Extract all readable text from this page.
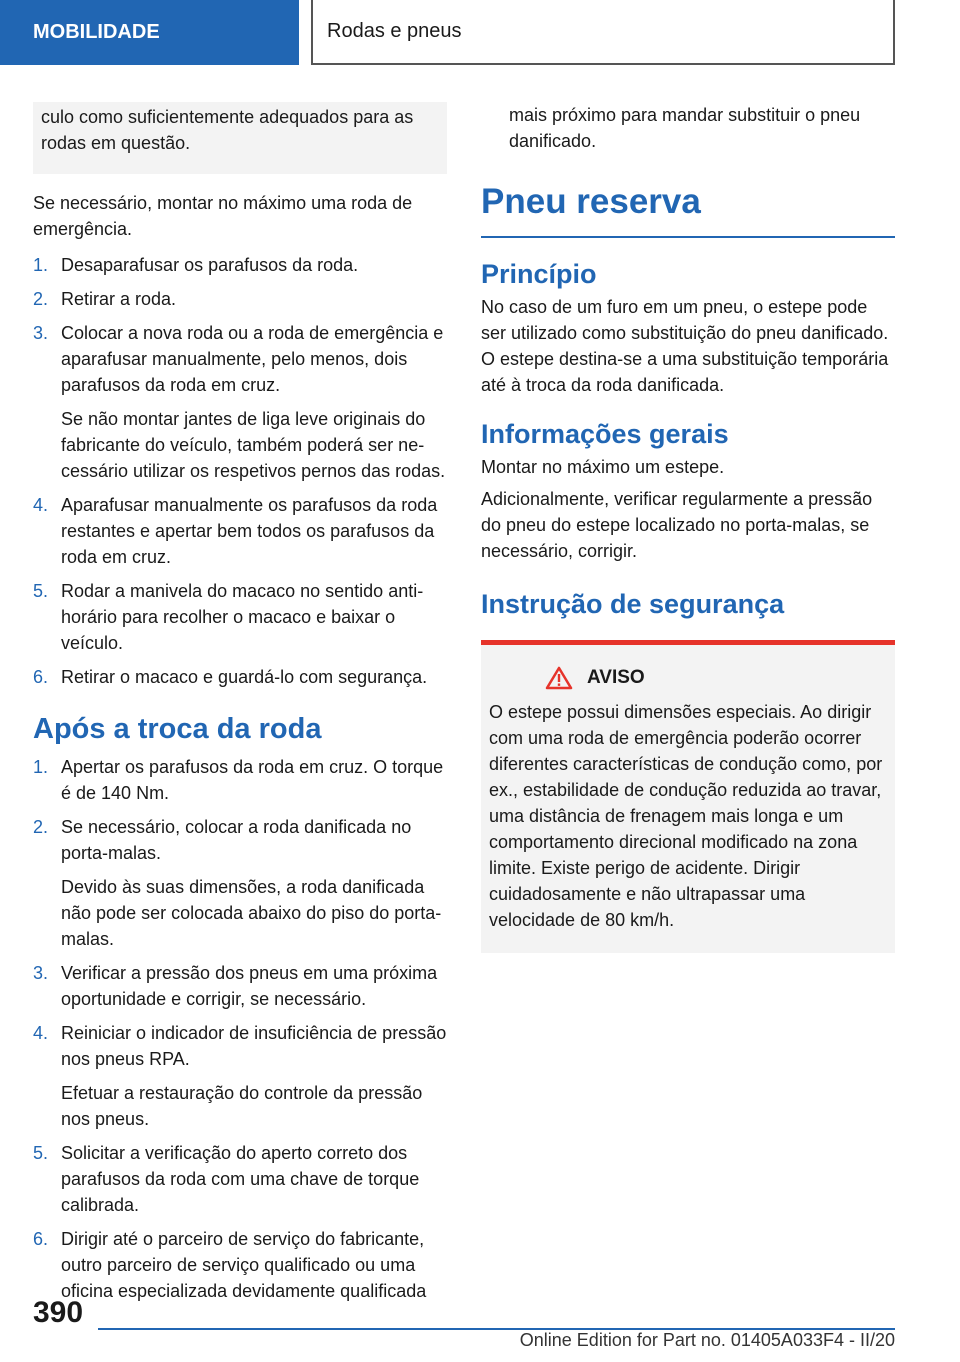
MOBILIDADE	Rodas e pneus

culo como suficientemente adequados para as rodas em questão.

Se necessário, montar no máximo uma roda de emergência.

1. Desaparafusar os parafusos da roda.
2. Retirar a roda.
3. Colocar a nova roda ou a roda de emergência e aparafusar manualmente, pelo menos, dois parafusos da roda em cruz.
Se não montar jantes de liga leve originais do fabricante do veículo, também poderá ser necessário utilizar os respetivos pernos das rodas.
4. Aparafusar manualmente os parafusos da roda restantes e apertar bem todos os parafusos da roda em cruz.
5. Rodar a manivela do macaco no sentido anti-horário para recolher o macaco e baixar o veículo.
6. Retirar o macaco e guardá-lo com segurança.
Após a troca da roda
1. Apertar os parafusos da roda em cruz. O torque é de 140 Nm.
2. Se necessário, colocar a roda danificada no porta-malas.
Devido às suas dimensões, a roda danificada não pode ser colocada abaixo do piso do porta-malas.
3. Verificar a pressão dos pneus em uma próxima oportunidade e corrigir, se necessário.
4. Reiniciar o indicador de insuficiência de pressão nos pneus RPA.
Efetuar a restauração do controle da pressão nos pneus.
5. Solicitar a verificação do aperto correto dos parafusos da roda com uma chave de torque calibrada.
6. Dirigir até o parceiro de serviço do fabricante, outro parceiro de serviço qualificado ou uma oficina especializada devidamente qualificada

mais próximo para mandar substituir o pneu danificado.

Pneu reserva
Princípio

No caso de um furo em um pneu, o estepe pode ser utilizado como substituição do pneu danificado. O estepe destina-se a uma substituição temporária até à troca da roda danificada.

Informações gerais

Montar no máximo um estepe.

Adicionalmente, verificar regularmente a pressão do pneu do estepe localizado no porta-malas, se necessário, corrigir.

Instrução de segurança
AVISO

O estepe possui dimensões especiais. Ao dirigir com uma roda de emergência poderão ocorrer diferentes características de condução como, por ex., estabilidade de condução reduzida ao travar, uma distância de frenagem mais longa e um comportamento direcional modificado na zona limite. Existe perigo de acidente. Dirigir cuidadosamente e não ultrapassar uma velocidade de 80 km/h.

390
Online Edition for Part no. 01405A033F4 - II/20
